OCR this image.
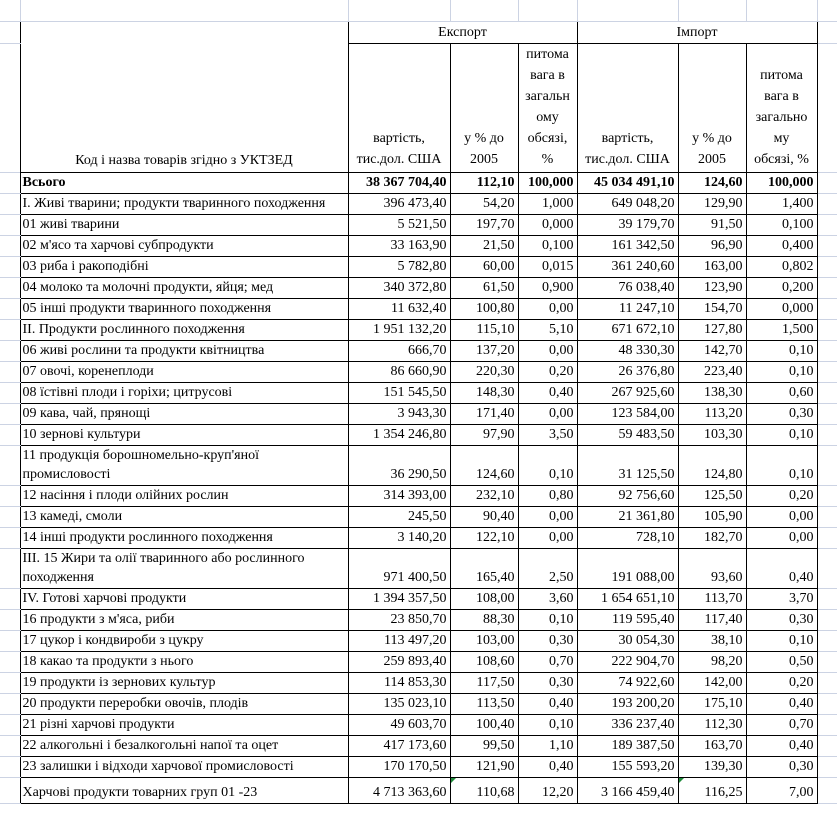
	Код і назва товарів згідно з УКТЗЕД	Експорт			Імпорт			
		вартість, тис.дол. США	у % до 2005	питома вага в загальному обсязі, %	вартість, тис.дол. США	у % до 2005	питома вага в загальному обсязі, %	
	Всього	38 367 704,40	112,10	100,000	45 034 491,10	124,60	100,000	
	I. Живі тварини; продукти тваринного походження	396 473,40	54,20	1,000	649 048,20	129,90	1,400	
	01 живі тварини	5 521,50	197,70	0,000	39 179,70	91,50	0,100	
	02 м'ясо та харчові субпродукти	33 163,90	21,50	0,100	161 342,50	96,90	0,400	
	03 риба і ракоподібні	5 782,80	60,00	0,015	361 240,60	163,00	0,802	
	04 молоко та молочні продукти, яйця; мед	340 372,80	61,50	0,900	76 038,40	123,90	0,200	
	05 інші продукти тваринного походження	11 632,40	100,80	0,00	11 247,10	154,70	0,000	
	II. Продукти рослинного походження	1 951 132,20	115,10	5,10	671 672,10	127,80	1,500	
	06 живі рослини та продукти квітництва	666,70	137,20	0,00	48 330,30	142,70	0,10	
	07 овочі, коренеплоди	86 660,90	220,30	0,20	26 376,80	223,40	0,10	
	08 їстівні плоди і горіхи; цитрусові	151 545,50	148,30	0,40	267 925,60	138,30	0,60	
	09 кава, чай, прянощі	3 943,30	171,40	0,00	123 584,00	113,20	0,30	
	10 зернові культури	1 354 246,80	97,90	3,50	59 483,50	103,30	0,10	
	11 продукція борошномельно-круп'яної промисловості	36 290,50	124,60	0,10	31 125,50	124,80	0,10	
	12 насіння і плоди олійних рослин	314 393,00	232,10	0,80	92 756,60	125,50	0,20	
	13 камеді, смоли	245,50	90,40	0,00	21 361,80	105,90	0,00	
	14 інші продукти рослинного походження	3 140,20	122,10	0,00	728,10	182,70	0,00	
	III. 15 Жири та олії тваринного або рослинного походження	971 400,50	165,40	2,50	191 088,00	93,60	0,40	
	IV. Готові харчові продукти	1 394 357,50	108,00	3,60	1 654 651,10	113,70	3,70	
	16 продукти з м'яса, риби	23 850,70	88,30	0,10	119 595,40	117,40	0,30	
	17 цукор і кондвироби з цукру	113 497,20	103,00	0,30	30 054,30	38,10	0,10	
	18 какао та продукти з нього	259 893,40	108,60	0,70	222 904,70	98,20	0,50	
	19 продукти із зернових культур	114 853,30	117,50	0,30	74 922,60	142,00	0,20	
	20 продукти переробки овочів, плодів	135 023,10	113,50	0,40	193 200,20	175,10	0,40	
	21 різні харчові продукти	49 603,70	100,40	0,10	336 237,40	112,30	0,70	
	22 алкогольні і безалкогольні напої та оцет	417 173,60	99,50	1,10	189 387,50	163,70	0,40	
	23 залишки і відходи харчової промисловості	170 170,50	121,90	0,40	155 593,20	139,30	0,30	
	Харчові продукти товарних груп 01 -23	4 713 363,60	110,68	12,20	3 166 459,40	116,25	7,00	
